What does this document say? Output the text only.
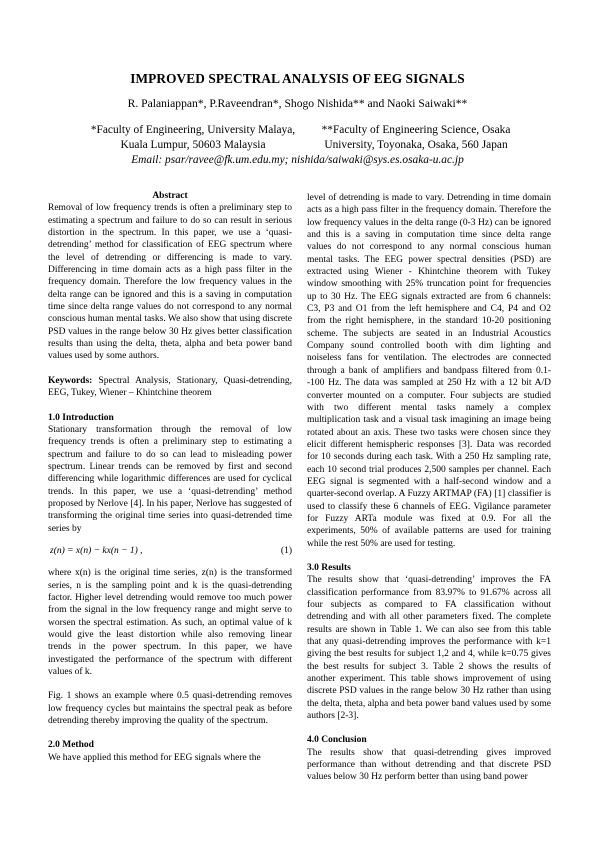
IMPROVED SPECTRAL ANALYSIS OF EEG SIGNALS
R. Palaniappan*, P.Raveendran*, Shogo Nishida** and Naoki Saiwaki**
*Faculty of Engineering, University Malaya,
Kuala Lumpur, 50603 Malaysia
**Faculty of Engineering Science, Osaka
University, Toyonaka, Osaka, 560 Japan
Email: psar/ravee@fk.um.edu.my; nishida/saiwaki@sys.es.osaka-u.ac.jp

Abstract

Removal of low frequency trends is often a preliminary step to estimating a spectrum and failure to do so can result in serious distortion in the spectrum. In this paper, we use a ‘quasi-detrending’ method for classification of EEG spectrum where the level of detrending or differencing is made to vary. Differencing in time domain acts as a high pass filter in the frequency domain. Therefore the low frequency values in the delta range can be ignored and this is a saving in computation time since delta range values do not correspond to any normal conscious human mental tasks. We also show that using discrete PSD values in the range below 30 Hz gives better classification results than using the delta, theta, alpha and beta power band values used by some authors.

Keywords: Spectral Analysis, Stationary, Quasi-detrending, EEG, Tukey, Wiener – Khintchine theorem

1.0 Introduction

Stationary transformation through the removal of low frequency trends is often a preliminary step to estimating a spectrum and failure to do so can lead to misleading power spectrum. Linear trends can be removed by first and second differencing while logarithmic differences are used for cyclical trends. In this paper, we use a ‘quasi-detrending’ method proposed by Nerlove [4]. In his paper, Nerlove has suggested of transforming the original time series into quasi-detrended time series by

z(n) = x(n) − kx(n − 1) ,	(1)

where x(n) is the original time series, z(n) is the transformed series, n is the sampling point and k is the quasi-detrending factor. Higher level detrending would remove too much power from the signal in the low frequency range and might serve to worsen the spectral estimation. As such, an optimal value of k would give the least distortion while also removing linear trends in the power spectrum. In this paper, we have investigated the performance of the spectrum with different values of k.

Fig. 1 shows an example where 0.5 quasi-detrending removes low frequency cycles but maintains the spectral peak as before detrending thereby improving the quality of the spectrum.

2.0 Method

We have applied this method for EEG signals where the

level of detrending is made to vary. Detrending in time domain acts as a high pass filter in the frequency domain. Therefore the low frequency values in the delta range (0-3 Hz) can be ignored and this is a saving in computation time since delta range values do not correspond to any normal conscious human mental tasks. The EEG power spectral densities (PSD) are extracted using Wiener - Khintchine theorem with Tukey window smoothing with 25% truncation point for frequencies up to 30 Hz. The EEG signals extracted are from 6 channels: C3, P3 and O1 from the left hemisphere and C4, P4 and O2 from the right hemisphere, in the standard 10-20 positioning scheme. The subjects are seated in an Industrial Acoustics Company sound controlled booth with dim lighting and noiseless fans for ventilation. The electrodes are connected through a bank of amplifiers and bandpass filtered from 0.1--100 Hz. The data was sampled at 250 Hz with a 12 bit A/D converter mounted on a computer. Four subjects are studied with two different mental tasks namely a complex multiplication task and a visual task imagining an image being rotated about an axis. These two tasks were chosen since they elicit different hemispheric responses [3]. Data was recorded for 10 seconds during each task. With a 250 Hz sampling rate, each 10 second trial produces 2,500 samples per channel. Each EEG signal is segmented with a half-second window and a quarter-second overlap. A Fuzzy ARTMAP (FA) [1] classifier is used to classify these 6 channels of EEG. Vigilance parameter for Fuzzy ARTa module was fixed at 0.9. For all the experiments, 50% of available patterns are used for training while the rest 50% are used for testing.

3.0 Results

The results show that ‘quasi-detrending’ improves the FA classification performance from 83.97% to 91.67% across all four subjects as compared to FA classification without detrending and with all other parameters fixed. The complete results are shown in Table 1. We can also see from this table that any quasi-detrending improves the performance with k=1 giving the best results for subject 1,2 and 4, while k=0.75 gives the best results for subject 3. Table 2 shows the results of another experiment. This table shows improvement of using discrete PSD values in the range below 30 Hz rather than using the delta, theta, alpha and beta power band values used by some authors [2-3].

4.0 Conclusion

The results show that quasi-detrending gives improved performance than without detrending and that discrete PSD values below 30 Hz perform better than using band power
